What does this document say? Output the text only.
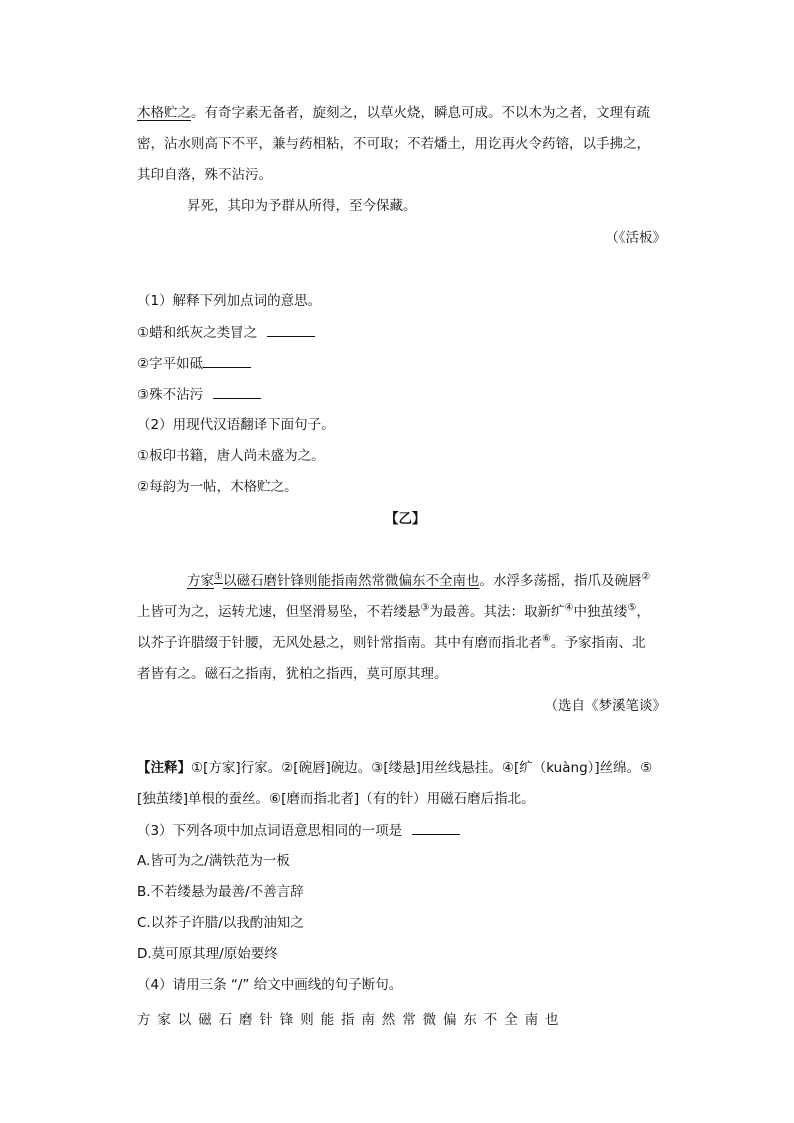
木格贮之。有奇字素无备者，旋刻之，以草火烧，瞬息可成。不以木为之者，文理有疏
密，沾水则高下不平，兼与药相粘，不可取；不若燔土，用讫再火令药镕，以手拂之，
其印自落，殊不沾污。
昇死，其印为予群从所得，至今保藏。
（《活板》
（1）解释下列加点词的意思。
①蜡和纸灰之类冒之
②字平如砥
③殊不沾污
（2）用现代汉语翻译下面句子。
①板印书籍，唐人尚未盛为之。
②每韵为一帖，木格贮之。
【乙】
方家①以磁石磨针锋则能指南然常微偏东不全南也。水浮多荡摇，指爪及碗唇②
上皆可为之，运转尤速，但坚滑易坠，不若缕悬③为最善。其法：取新纩④中独茧缕⑤，
以芥子许腊缀于针腰，无风处悬之，则针常指南。其中有磨而指北者⑥。予家指南、北
者皆有之。磁石之指南，犹柏之指西，莫可原其理。
（选自《梦溪笔谈》
【注释】①[方家]行家。②[碗唇]碗边。③[缕悬]用丝线悬挂。④[纩（kuàng）]丝绵。⑤
[独茧缕]单根的蚕丝。⑥[磨而指北者]（有的针）用磁石磨后指北。
（3）下列各项中加点词语意思相同的一项是
A.皆可为之/满铁范为一板
B.不若缕悬为最善/不善言辞
C.以芥子许腊/以我酌油知之
D.莫可原其理/原始要终
（4）请用三条 “/” 给文中画线的句子断句。
方家以磁石磨针锋则能指南然常微偏东不全南也
